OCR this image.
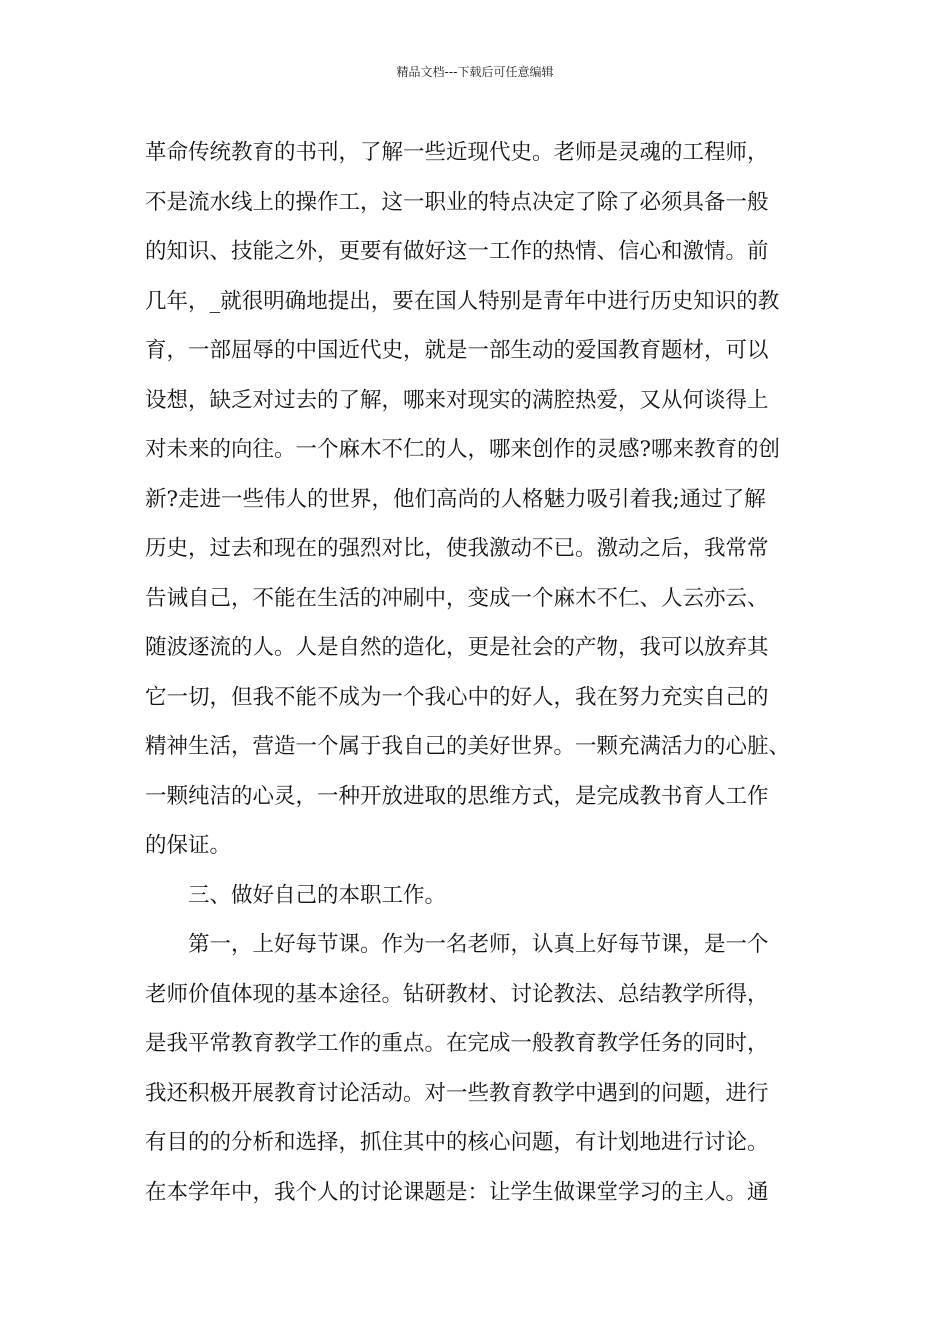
精品文档---下载后可任意编辑
革命传统教育的书刊，了解一些近现代史。老师是灵魂的工程师，
不是流水线上的操作工，这一职业的特点决定了除了必须具备一般
的知识、技能之外，更要有做好这一工作的热情、信心和激情。前
几年，_就很明确地提出，要在国人特别是青年中进行历史知识的教
育，一部屈辱的中国近代史，就是一部生动的爱国教育题材，可以
设想，缺乏对过去的了解，哪来对现实的满腔热爱，又从何谈得上
对未来的向往。一个麻木不仁的人，哪来创作的灵感?哪来教育的创
新?走进一些伟人的世界，他们高尚的人格魅力吸引着我;通过了解
历史，过去和现在的强烈对比，使我激动不已。激动之后，我常常
告诫自己，不能在生活的冲刷中，变成一个麻木不仁、人云亦云、
随波逐流的人。人是自然的造化，更是社会的产物，我可以放弃其
它一切，但我不能不成为一个我心中的好人，我在努力充实自己的
精神生活，营造一个属于我自己的美好世界。一颗充满活力的心脏、
一颗纯洁的心灵，一种开放进取的思维方式，是完成教书育人工作
的保证。
三、做好自己的本职工作。
第一，上好每节课。作为一名老师，认真上好每节课，是一个
老师价值体现的基本途径。钻研教材、讨论教法、总结教学所得，
是我平常教育教学工作的重点。在完成一般教育教学任务的同时，
我还积极开展教育讨论活动。对一些教育教学中遇到的问题，进行
有目的的分析和选择，抓住其中的核心问题，有计划地进行讨论。
在本学年中，我个人的讨论课题是：让学生做课堂学习的主人。通
